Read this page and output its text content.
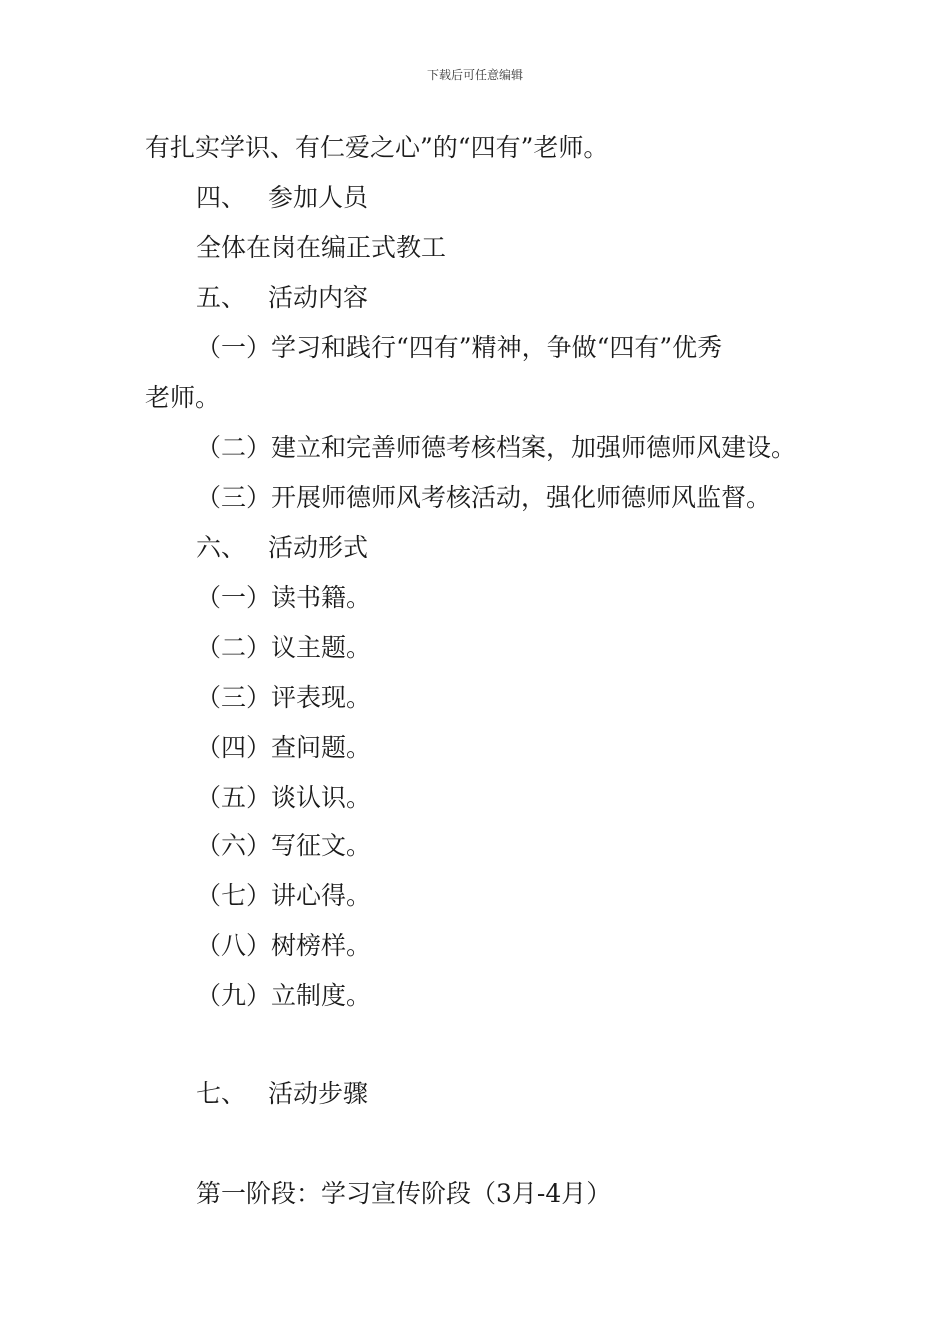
下载后可任意编辑
有扎实学识、有仁爱之心”的“四有”老师。
四、 参加人员
全体在岗在编正式教工
五、 活动内容
（一）学习和践行“四有”精神，争做“四有”优秀
老师。
（二）建立和完善师德考核档案，加强师德师风建设。
（三）开展师德师风考核活动，强化师德师风监督。
六、 活动形式
（一）读书籍。
（二）议主题。
（三）评表现。
（四）查问题。
（五）谈认识。
（六）写征文。
（七）讲心得。
（八）树榜样。
（九）立制度。
七、 活动步骤
第一阶段：学习宣传阶段（3月-4月）
